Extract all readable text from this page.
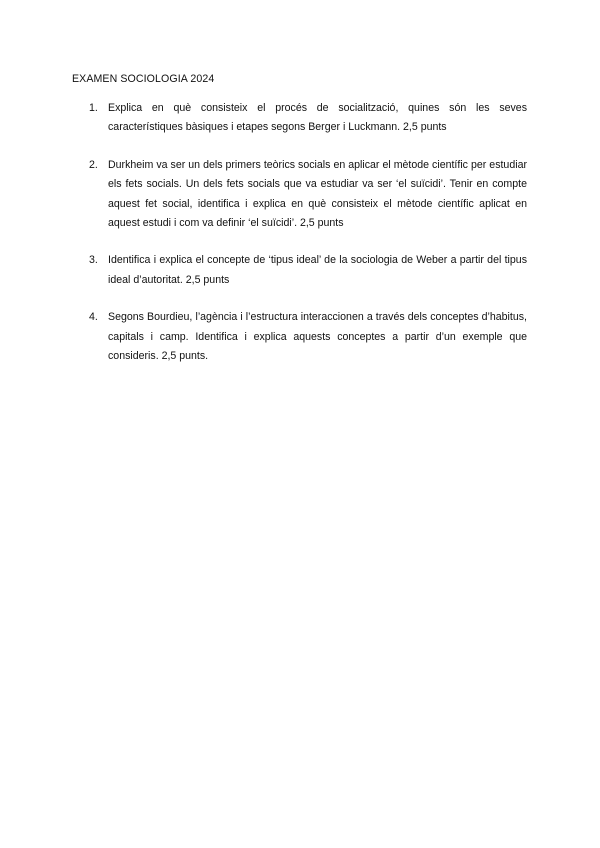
EXAMEN SOCIOLOGIA 2024
1. Explica en què consisteix el procés de socialització, quines són les seves característiques bàsiques i etapes segons Berger i Luckmann. 2,5 punts
2. Durkheim va ser un dels primers teòrics socials en aplicar el mètode científic per estudiar els fets socials. Un dels fets socials que va estudiar va ser ‘el suïcidi’. Tenir en compte aquest fet social, identifica i explica en què consisteix el mètode científic aplicat en aquest estudi i com va definir ‘el suïcidi’. 2,5 punts
3. Identifica i explica el concepte de ‘tipus ideal’ de la sociologia de Weber a partir del tipus ideal d’autoritat. 2,5 punts
4. Segons Bourdieu, l’agència i l’estructura interaccionen a través dels conceptes d’habitus, capitals i camp. Identifica i explica aquests conceptes a partir d’un exemple que consideris. 2,5 punts.
